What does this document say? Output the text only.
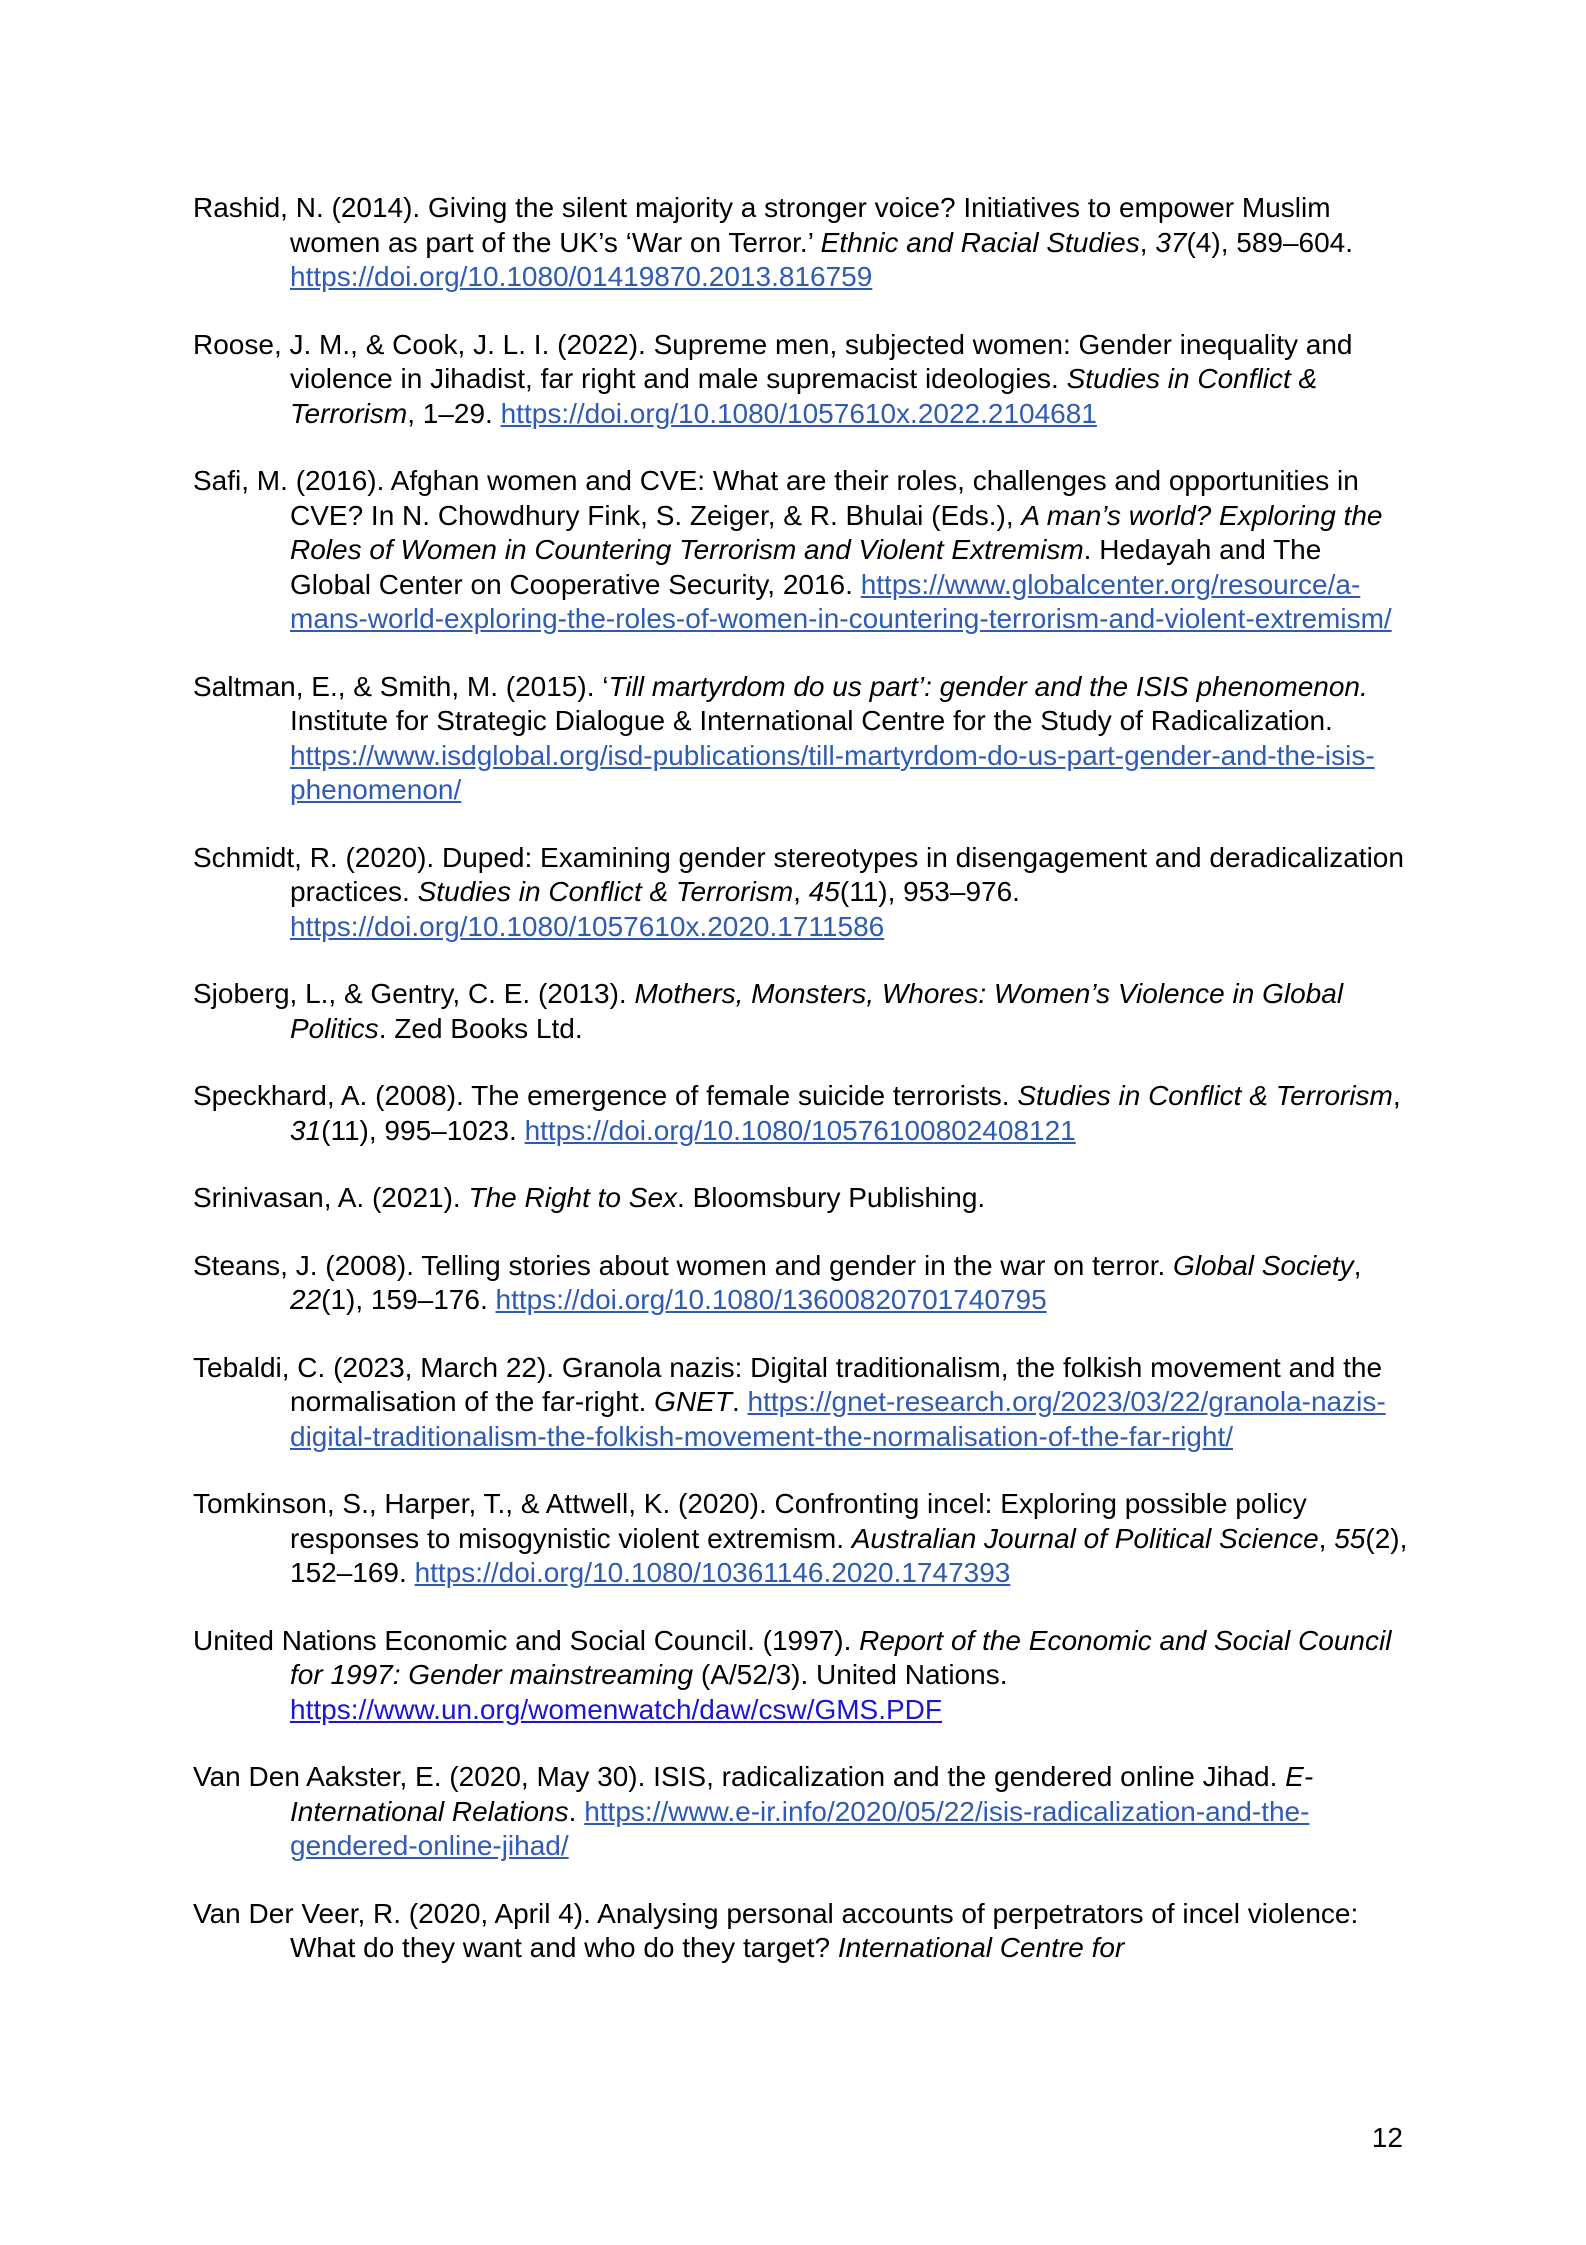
Rashid, N. (2014). Giving the silent majority a stronger voice? Initiatives to empower Muslim women as part of the UK’s ‘War on Terror.’ Ethnic and Racial Studies, 37(4), 589–604. https://doi.org/10.1080/01419870.2013.816759

Roose, J. M., & Cook, J. L. I. (2022). Supreme men, subjected women: Gender inequality and violence in Jihadist, far right and male supremacist ideologies. Studies in Conflict & Terrorism, 1–29. https://doi.org/10.1080/1057610x.2022.2104681

Safi, M. (2016). Afghan women and CVE: What are their roles, challenges and opportunities in CVE? In N. Chowdhury Fink, S. Zeiger, & R. Bhulai (Eds.), A man’s world? Exploring the Roles of Women in Countering Terrorism and Violent Extremism. Hedayah and The Global Center on Cooperative Security, 2016. https://www.globalcenter.org/resource/a-mans-world-exploring-the-roles-of-women-in-countering-terrorism-and-violent-extremism/

Saltman, E., & Smith, M. (2015). ‘Till martyrdom do us part’: gender and the ISIS phenomenon. Institute for Strategic Dialogue & International Centre for the Study of Radicalization. https://www.isdglobal.org/isd-publications/till-martyrdom-do-us-part-gender-and-the-isis-phenomenon/

Schmidt, R. (2020). Duped: Examining gender stereotypes in disengagement and deradicalization practices. Studies in Conflict & Terrorism, 45(11), 953–976. https://doi.org/10.1080/1057610x.2020.1711586

Sjoberg, L., & Gentry, C. E. (2013). Mothers, Monsters, Whores: Women’s Violence in Global Politics. Zed Books Ltd.

Speckhard, A. (2008). The emergence of female suicide terrorists. Studies in Conflict & Terrorism, 31(11), 995–1023. https://doi.org/10.1080/10576100802408121

Srinivasan, A. (2021). The Right to Sex. Bloomsbury Publishing.

Steans, J. (2008). Telling stories about women and gender in the war on terror. Global Society, 22(1), 159–176. https://doi.org/10.1080/13600820701740795

Tebaldi, C. (2023, March 22). Granola nazis: Digital traditionalism, the folkish movement and the normalisation of the far-right. GNET. https://gnet-research.org/2023/03/22/granola-nazis-digital-traditionalism-the-folkish-movement-the-normalisation-of-the-far-right/

Tomkinson, S., Harper, T., & Attwell, K. (2020). Confronting incel: Exploring possible policy responses to misogynistic violent extremism. Australian Journal of Political Science, 55(2), 152–169. https://doi.org/10.1080/10361146.2020.1747393

United Nations Economic and Social Council. (1997). Report of the Economic and Social Council for 1997: Gender mainstreaming (A/52/3). United Nations. https://www.un.org/womenwatch/daw/csw/GMS.PDF

Van Den Aakster, E. (2020, May 30). ISIS, radicalization and the gendered online Jihad. E-International Relations. https://www.e-ir.info/2020/05/22/isis-radicalization-and-the-gendered-online-jihad/

Van Der Veer, R. (2020, April 4). Analysing personal accounts of perpetrators of incel violence: What do they want and who do they target? International Centre for

12
